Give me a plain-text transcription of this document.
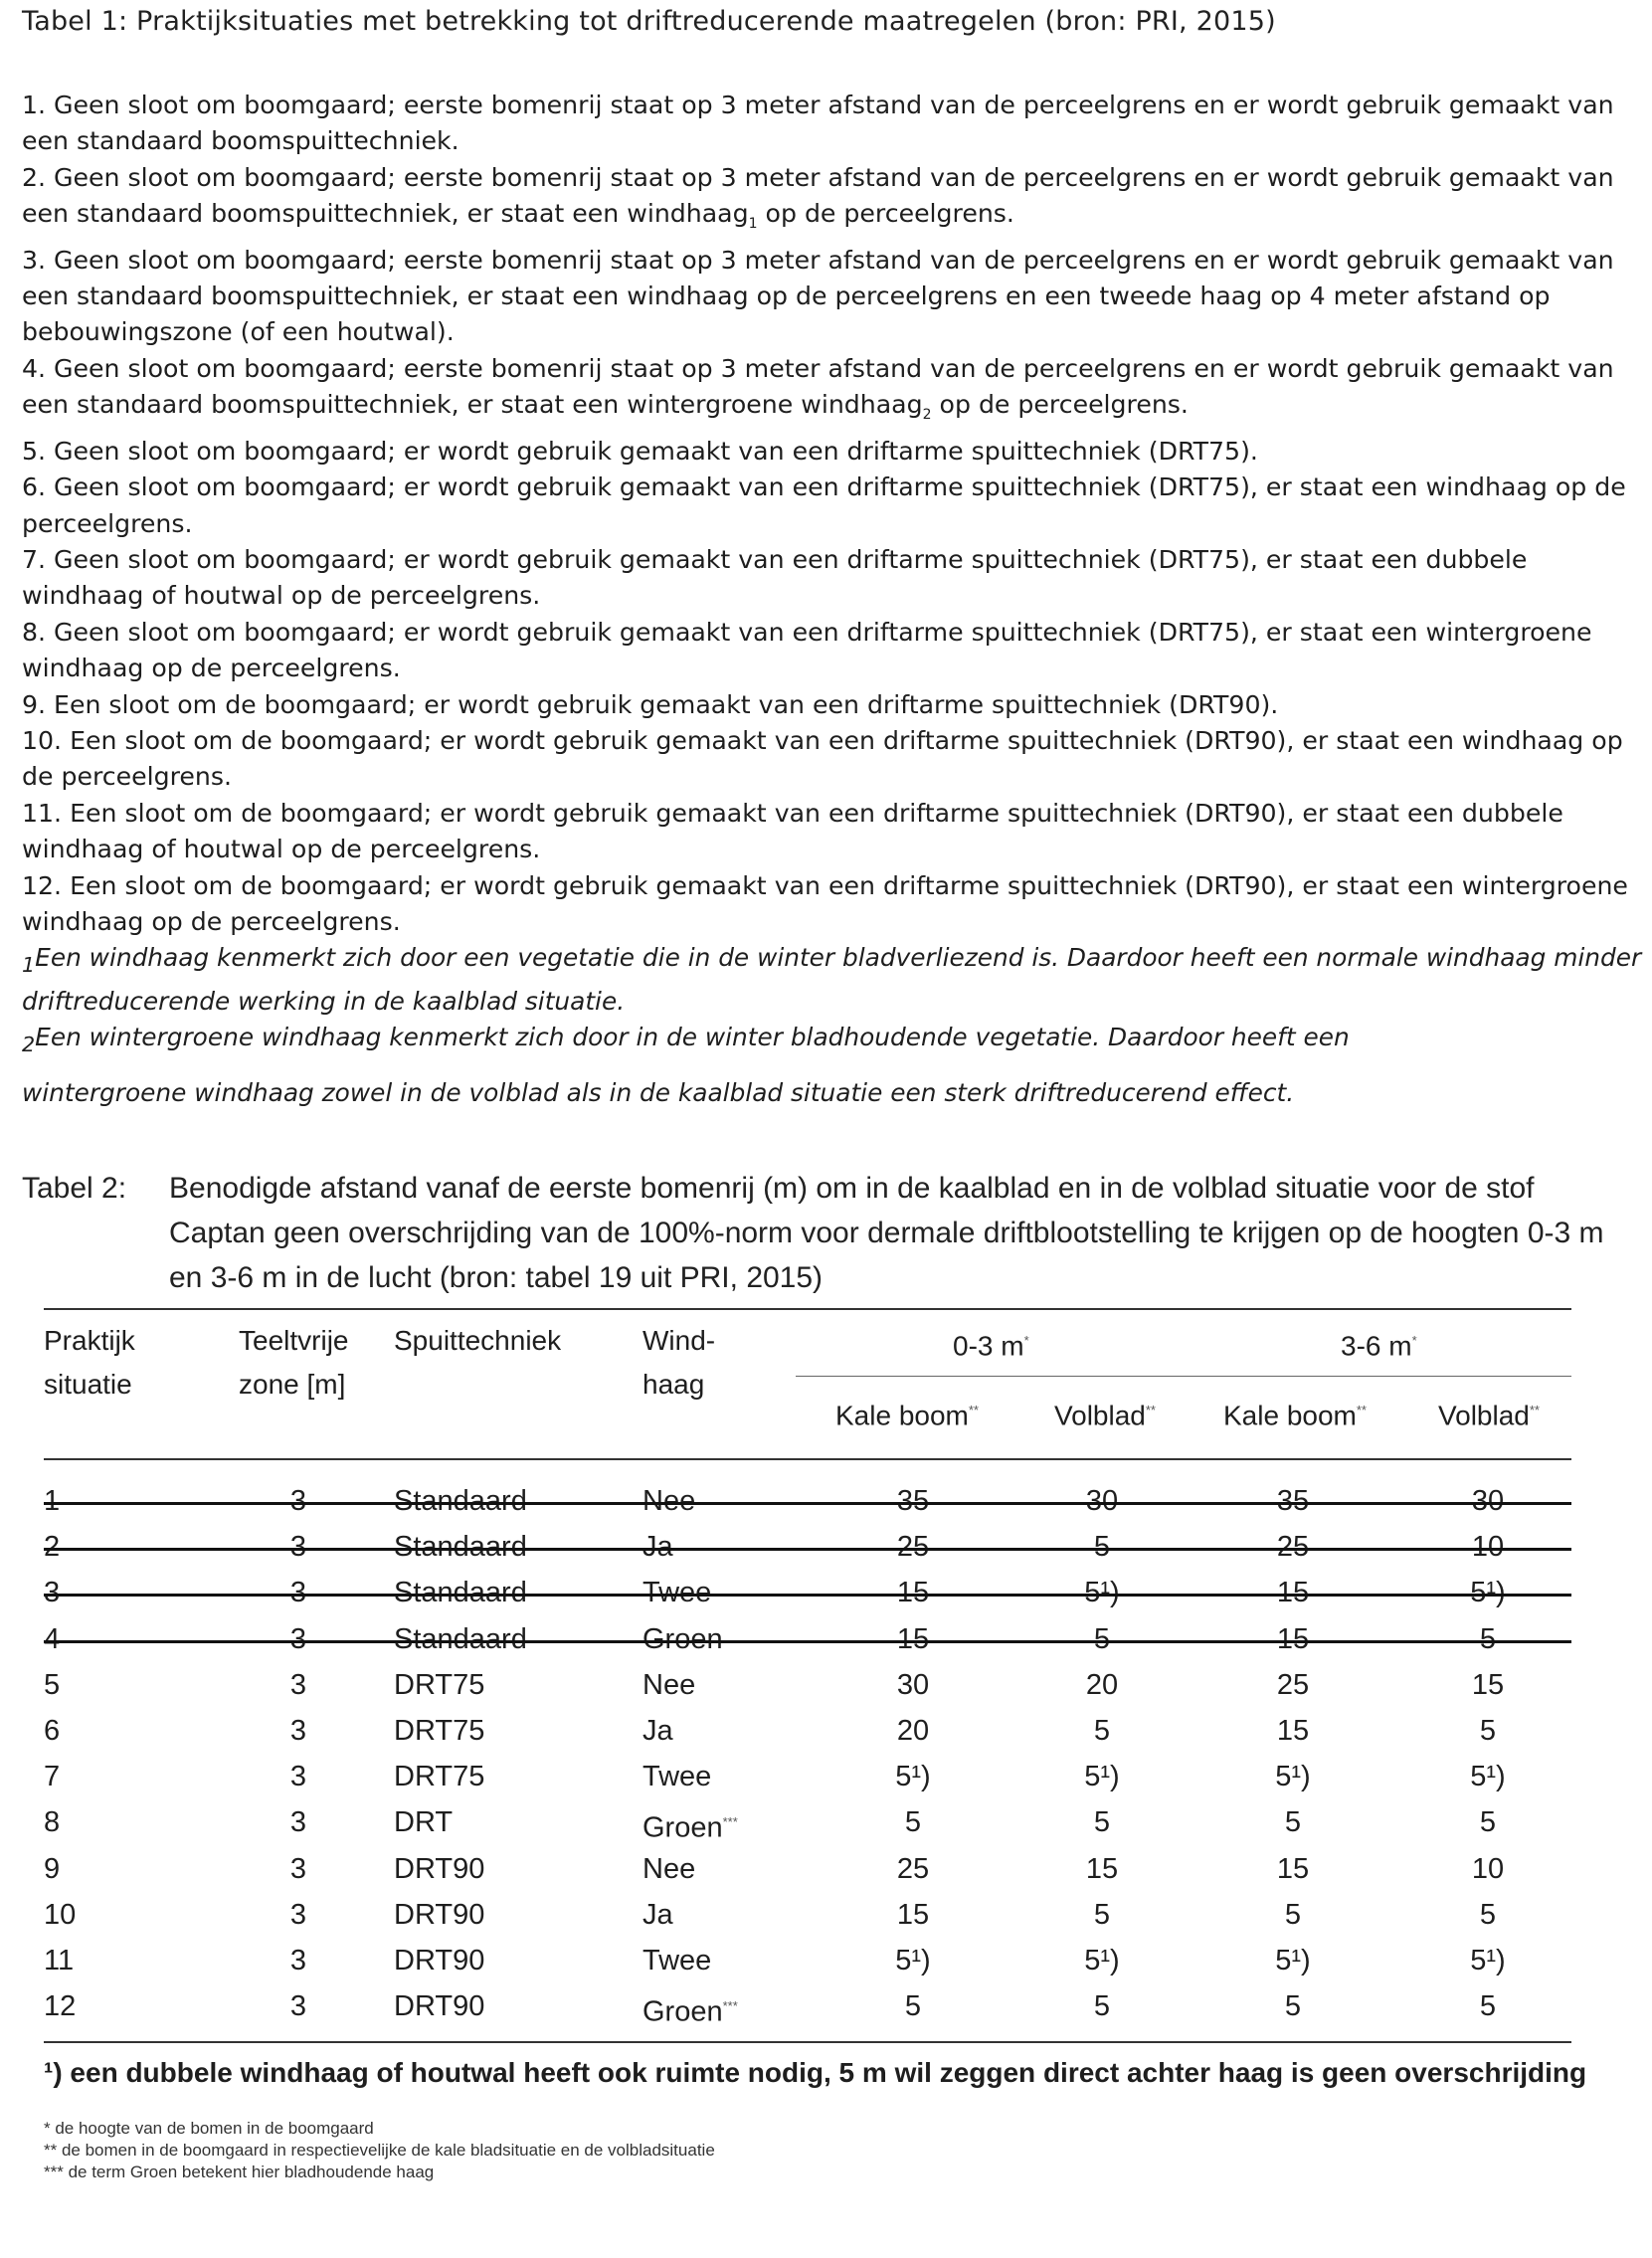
Tabel 1: Praktijksituaties met betrekking tot driftreducerende maatregelen (bron: PRI, 2015)
1. Geen sloot om boomgaard; eerste bomenrij staat op 3 meter afstand van de perceelgrens en er wordt gebruik gemaakt van een standaard boomspuittechniek.
2. Geen sloot om boomgaard; eerste bomenrij staat op 3 meter afstand van de perceelgrens en er wordt gebruik gemaakt van een standaard boomspuittechniek, er staat een windhaag$_1$ op de perceelgrens.
3. Geen sloot om boomgaard; eerste bomenrij staat op 3 meter afstand van de perceelgrens en er wordt gebruik gemaakt van een standaard boomspuittechniek, er staat een windhaag op de perceelgrens en een tweede haag op 4 meter afstand op bebouwingszone (of een houtwal).
4. Geen sloot om boomgaard; eerste bomenrij staat op 3 meter afstand van de perceelgrens en er wordt gebruik gemaakt van een standaard boomspuittechniek, er staat een wintergroene windhaag$_2$ op de perceelgrens.
5. Geen sloot om boomgaard; er wordt gebruik gemaakt van een driftarme spuittechniek (DRT75).
6. Geen sloot om boomgaard; er wordt gebruik gemaakt van een driftarme spuittechniek (DRT75), er staat een windhaag op de perceelgrens.
7. Geen sloot om boomgaard; er wordt gebruik gemaakt van een driftarme spuittechniek (DRT75), er staat een dubbele windhaag of houtwal op de perceelgrens.
8. Geen sloot om boomgaard; er wordt gebruik gemaakt van een driftarme spuittechniek (DRT75), er staat een wintergroene windhaag op de perceelgrens.
9. Een sloot om de boomgaard; er wordt gebruik gemaakt van een driftarme spuittechniek (DRT90).
10. Een sloot om de boomgaard; er wordt gebruik gemaakt van een driftarme spuittechniek (DRT90), er staat een windhaag op de perceelgrens.
11. Een sloot om de boomgaard; er wordt gebruik gemaakt van een driftarme spuittechniek (DRT90), er staat een dubbele windhaag of houtwal op de perceelgrens.
12. Een sloot om de boomgaard; er wordt gebruik gemaakt van een driftarme spuittechniek (DRT90), er staat een wintergroene windhaag op de perceelgrens.
$_1$Een windhaag kenmerkt zich door een vegetatie die in de winter bladverliezend is. Daardoor heeft een normale windhaag minder driftreducerende werking in de kaalblad situatie.
$_2$Een wintergroene windhaag kenmerkt zich door in de winter bladhoudende vegetatie. Daardoor heeft een
wintergroene windhaag zowel in de volblad als in de kaalblad situatie een sterk driftreducerend effect.
Tabel 2: Benodigde afstand vanaf de eerste bomenrij (m) om in de kaalblad en in de volblad situatie voor de stof Captan geen overschrijding van de 100%-norm voor dermale driftblootstelling te krijgen op de hoogten 0-3 m en 3-6 m in de lucht (bron: tabel 19 uit PRI, 2015)
Praktijk
situatie
Teeltvrije
zone [m]
Spuittechniek	Wind-
haag
0-3 m*	3-6 m*
Kale boom**	Volblad** Kale boom**	Volblad**
1	3	Standaard	Nee	35	30	35	30
2	3	Standaard	Ja	25	5	25	10
3	3	Standaard	Twee	15	5¹)	15	5¹)
4	3	Standaard	Groen	15	5	15	5
5	3	DRT75	Nee	30	20	25	15
6	3	DRT75	Ja	20	5	15	5
7	3	DRT75	Twee	5¹)	5¹)	5¹)	5¹)
8	3	DRT	Groen***	5	5	5	5
9	3	DRT90	Nee	25	15	15	10
10	3	DRT90	Ja	15	5	5	5
11	3	DRT90	Twee	5¹)	5¹)	5¹)	5¹)
12	3	DRT90	Groen***	5	5	5	5
¹) een dubbele windhaag of houtwal heeft ook ruimte nodig, 5 m wil zeggen direct achter haag is geen overschrijding
* de hoogte van de bomen in de boomgaard
** de bomen in de boomgaard in respectievelijke de kale bladsituatie en de volbladsituatie
*** de term Groen betekent hier bladhoudende haag
